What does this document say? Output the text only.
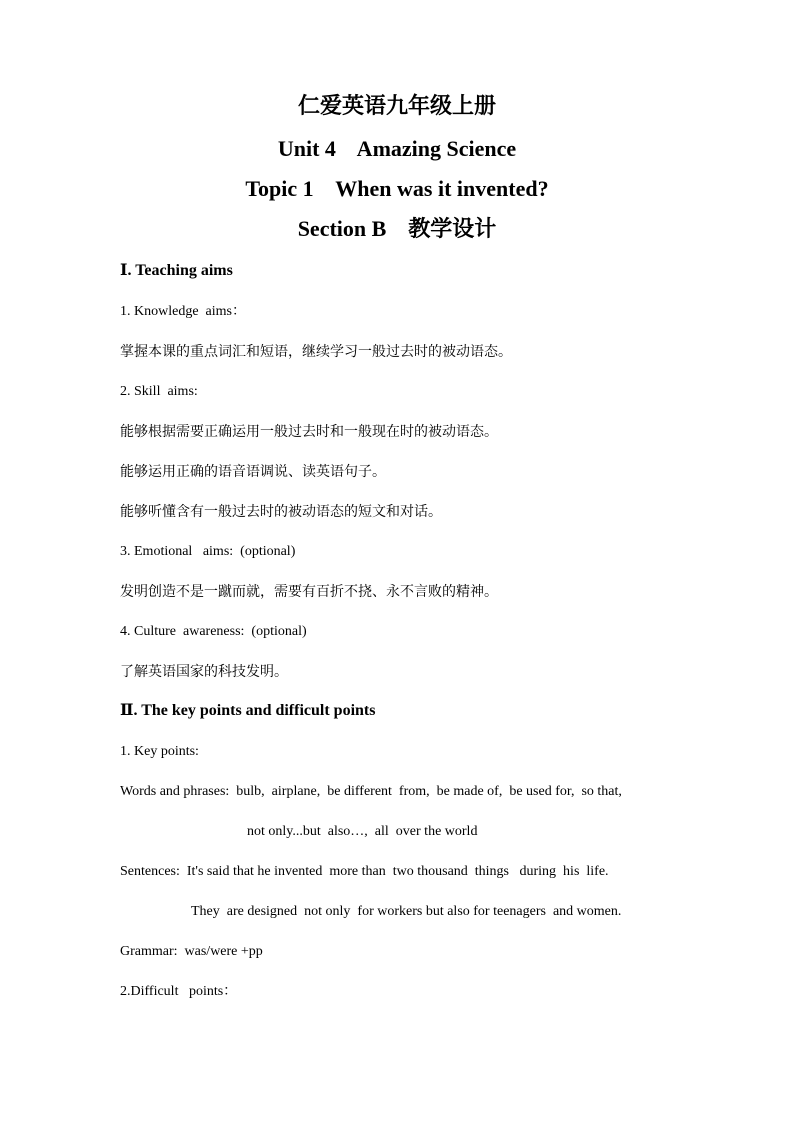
仁爱英语九年级上册
Unit 4    Amazing Science
Topic 1    When was it invented?
Section B    教学设计
Ⅰ. Teaching aims
1. Knowledge  aims：
掌握本课的重点词汇和短语，继续学习一般过去时的被动语态。
2. Skill  aims:
能够根据需要正确运用一般过去时和一般现在时的被动语态。
能够运用正确的语音语调说、读英语句子。
能够听懂含有一般过去时的被动语态的短文和对话。
3. Emotional   aims:  (optional)
发明创造不是一蹴而就，需要有百折不挠、永不言败的精神。
4. Culture  awareness:  (optional)
了解英语国家的科技发明。
Ⅱ. The key points and difficult points
1. Key points:
Words and phrases:  bulb,  airplane,  be different  from,  be made of,  be used for,  so that,
not only...but  also…,  all  over the world
Sentences:  It's said that he invented  more than  two thousand  things   during  his  life.
They  are designed  not only  for workers but also for teenagers  and women.
Grammar:  was/were +pp
2.Difficult   points：
